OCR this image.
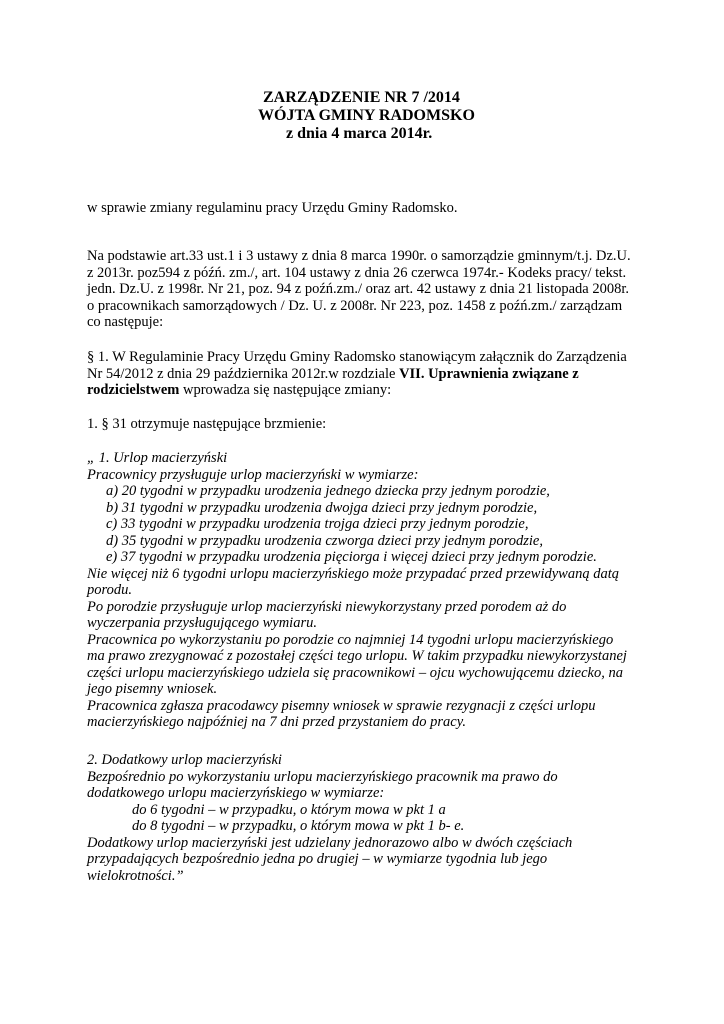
ZARZĄDZENIE NR 7 /2014
WÓJTA GMINY RADOMSKO
z dnia 4 marca 2014r.
w sprawie zmiany regulaminu pracy Urzędu Gminy Radomsko.
Na podstawie art.33 ust.1 i 3 ustawy z dnia 8 marca 1990r. o samorządzie gminnym/t.j. Dz.U.
z 2013r. poz594 z późń. zm./, art. 104 ustawy z dnia 26 czerwca 1974r.- Kodeks pracy/ tekst.
jedn. Dz.U. z 1998r. Nr 21, poz. 94 z poźń.zm./ oraz art. 42 ustawy z dnia 21 listopada 2008r.
o pracownikach samorządowych / Dz. U. z 2008r. Nr 223, poz. 1458 z poźń.zm./ zarządzam
co następuje:
§ 1. W Regulaminie Pracy Urzędu Gminy Radomsko stanowiącym załącznik do Zarządzenia
Nr 54/2012 z dnia 29 października 2012r.w rozdziale VII. Uprawnienia związane z
rodzicielstwem wprowadza się następujące zmiany:
1. § 31 otrzymuje następujące brzmienie:
„ 1. Urlop macierzyński
Pracownicy przysługuje urlop macierzyński w wymiarze:
a) 20 tygodni w przypadku urodzenia jednego dziecka przy jednym porodzie,
b) 31 tygodni w przypadku urodzenia dwojga dzieci przy jednym porodzie,
c) 33 tygodni w przypadku urodzenia trojga dzieci przy jednym porodzie,
d) 35 tygodni w przypadku urodzenia czworga dzieci przy jednym porodzie,
e) 37 tygodni w przypadku urodzenia pięciorga i więcej dzieci przy jednym porodzie.
Nie więcej niż 6 tygodni urlopu macierzyńskiego może przypadać przed przewidywaną datą
porodu.
Po porodzie przysługuje urlop macierzyński niewykorzystany przed porodem aż do
wyczerpania przysługującego wymiaru.
Pracownica po wykorzystaniu po porodzie co najmniej 14 tygodni urlopu macierzyńskiego
ma prawo zrezygnować z pozostałej części tego urlopu. W takim przypadku niewykorzystanej
części urlopu macierzyńskiego udziela się pracownikowi – ojcu wychowującemu dziecko, na
jego pisemny wniosek.
Pracownica zgłasza pracodawcy pisemny wniosek w sprawie rezygnacji z części urlopu
macierzyńskiego najpóźniej na 7 dni przed przystaniem do pracy.
2. Dodatkowy urlop macierzyński
Bezpośrednio po wykorzystaniu urlopu macierzyńskiego pracownik ma prawo do
dodatkowego urlopu macierzyńskiego w wymiarze:
do 6 tygodni – w przypadku, o którym mowa w pkt 1 a
do 8 tygodni – w przypadku, o którym mowa w pkt 1 b- e.
Dodatkowy urlop macierzyński jest udzielany jednorazowo albo w dwóch częściach
przypadających bezpośrednio jedna po drugiej – w wymiarze tygodnia lub jego
wielokrotności.”
